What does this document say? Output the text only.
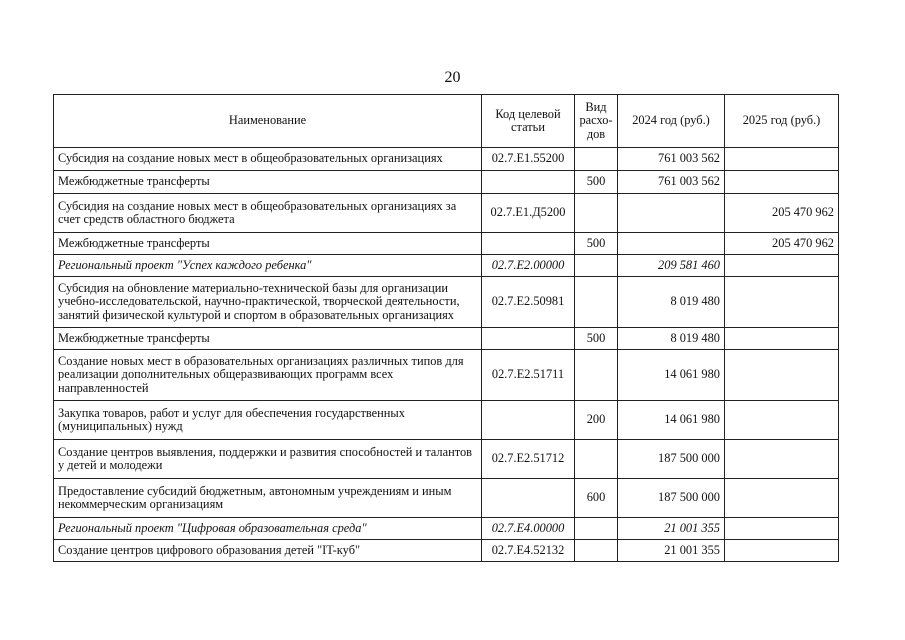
20
Наименование	Код целевой статьи	Вид расхо-дов	2024 год (руб.)	2025 год (руб.)
Субсидия на создание новых мест в общеобразовательных организациях	02.7.Е1.55200		761 003 562	
Межбюджетные трансферты		500	761 003 562	
Субсидия на создание новых мест в общеобразовательных организациях за счет средств областного бюджета	02.7.Е1.Д5200			205 470 962
Межбюджетные трансферты		500		205 470 962
Региональный проект "Успех каждого ребенка"	02.7.Е2.00000		209 581 460	
Субсидия на обновление материально-технической базы для организации учебно-исследовательской, научно-практической, творческой деятельности, занятий физической культурой и спортом в образовательных организациях	02.7.Е2.50981		8 019 480	
Межбюджетные трансферты		500	8 019 480	
Создание новых мест в образовательных организациях различных типов для реализации дополнительных общеразвивающих программ всех направленностей	02.7.Е2.51711		14 061 980	
Закупка товаров, работ и услуг для обеспечения государственных (муниципальных) нужд		200	14 061 980	
Создание центров выявления, поддержки и развития способностей и талантов у детей и молодежи	02.7.Е2.51712		187 500 000	
Предоставление субсидий бюджетным, автономным учреждениям и иным некоммерческим организациям		600	187 500 000	
Региональный проект "Цифровая образовательная среда"	02.7.Е4.00000		21 001 355	
Создание центров цифрового образования детей "IT-куб"	02.7.Е4.52132		21 001 355	
